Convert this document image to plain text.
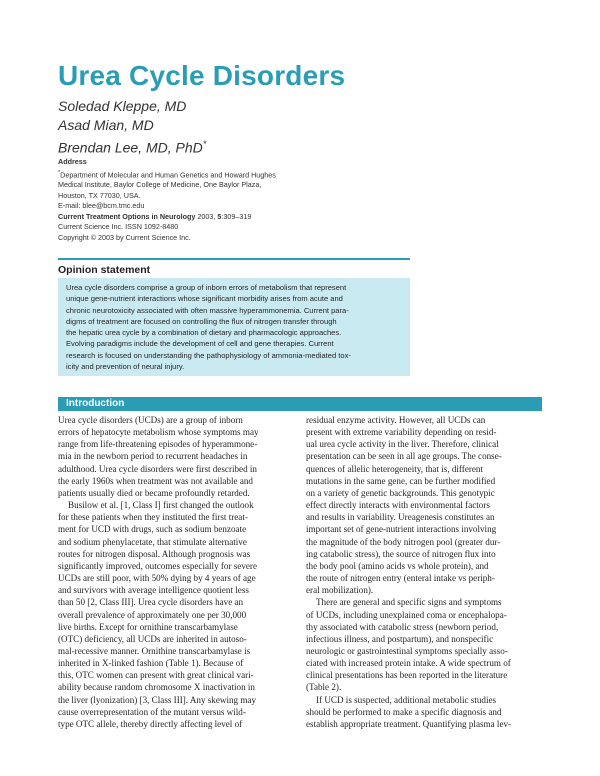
Urea Cycle Disorders
Soledad Kleppe, MD
Asad Mian, MD
Brendan Lee, MD, PhD*
Address
*Department of Molecular and Human Genetics and Howard Hughes
Medical Institute, Baylor College of Medicine, One Baylor Plaza,
Houston, TX 77030, USA.
E-mail: blee@bcm.tmc.edu
Current Treatment Options in Neurology 2003, 5:309–319
Current Science Inc. ISSN 1092-8480
Copyright © 2003 by Current Science Inc.
Opinion statement
Urea cycle disorders comprise a group of inborn errors of metabolism that represent
unique gene-nutrient interactions whose significant morbidity arises from acute and
chronic neurotoxicity associated with often massive hyperammonemia. Current para-
digms of treatment are focused on controlling the flux of nitrogen transfer through
the hepatic urea cycle by a combination of dietary and pharmacologic approaches.
Evolving paradigms include the development of cell and gene therapies. Current
research is focused on understanding the pathophysiology of ammonia-mediated tox-
icity and prevention of neural injury.
Introduction
Urea cycle disorders (UCDs) are a group of inborn
errors of hepatocyte metabolism whose symptoms may
range from life-threatening episodes of hyperammone-
mia in the newborn period to recurrent headaches in
adulthood. Urea cycle disorders were first described in
the early 1960s when treatment was not available and
patients usually died or became profoundly retarded.
Busilow et al. [1, Class I] first changed the outlook
for these patients when they instituted the first treat-
ment for UCD with drugs, such as sodium benzoate
and sodium phenylacetate, that stimulate alternative
routes for nitrogen disposal. Although prognosis was
significantly improved, outcomes especially for severe
UCDs are still poor, with 50% dying by 4 years of age
and survivors with average intelligence quotient less
than 50 [2, Class III]. Urea cycle disorders have an
overall prevalence of approximately one per 30,000
live births. Except for ornithine transcarbamylase
(OTC) deficiency, all UCDs are inherited in autoso-
mal-recessive manner. Ornithine transcarbamylase is
inherited in X-linked fashion (Table 1). Because of
this, OTC women can present with great clinical vari-
ability because random chromosome X inactivation in
the liver (lyonization) [3, Class III]. Any skewing may
cause overrepresentation of the mutant versus wild-
type OTC allele, thereby directly affecting level of
residual enzyme activity. However, all UCDs can
present with extreme variability depending on resid-
ual urea cycle activity in the liver. Therefore, clinical
presentation can be seen in all age groups. The conse-
quences of allelic heterogeneity, that is, different
mutations in the same gene, can be further modified
on a variety of genetic backgrounds. This genotypic
effect directly interacts with environmental factors
and results in variability. Ureagenesis constitutes an
important set of gene-nutrient interactions involving
the magnitude of the body nitrogen pool (greater dur-
ing catabolic stress), the source of nitrogen flux into
the body pool (amino acids vs whole protein), and
the route of nitrogen entry (enteral intake vs periph-
eral mobilization).
There are general and specific signs and symptoms
of UCDs, including unexplained coma or encephalopa-
thy associated with catabolic stress (newborn period,
infectious illness, and postpartum), and nonspecific
neurologic or gastrointestinal symptoms specially asso-
ciated with increased protein intake. A wide spectrum of
clinical presentations has been reported in the literature
(Table 2).
If UCD is suspected, additional metabolic studies
should be performed to make a specific diagnosis and
establish appropriate treatment. Quantifying plasma lev-
